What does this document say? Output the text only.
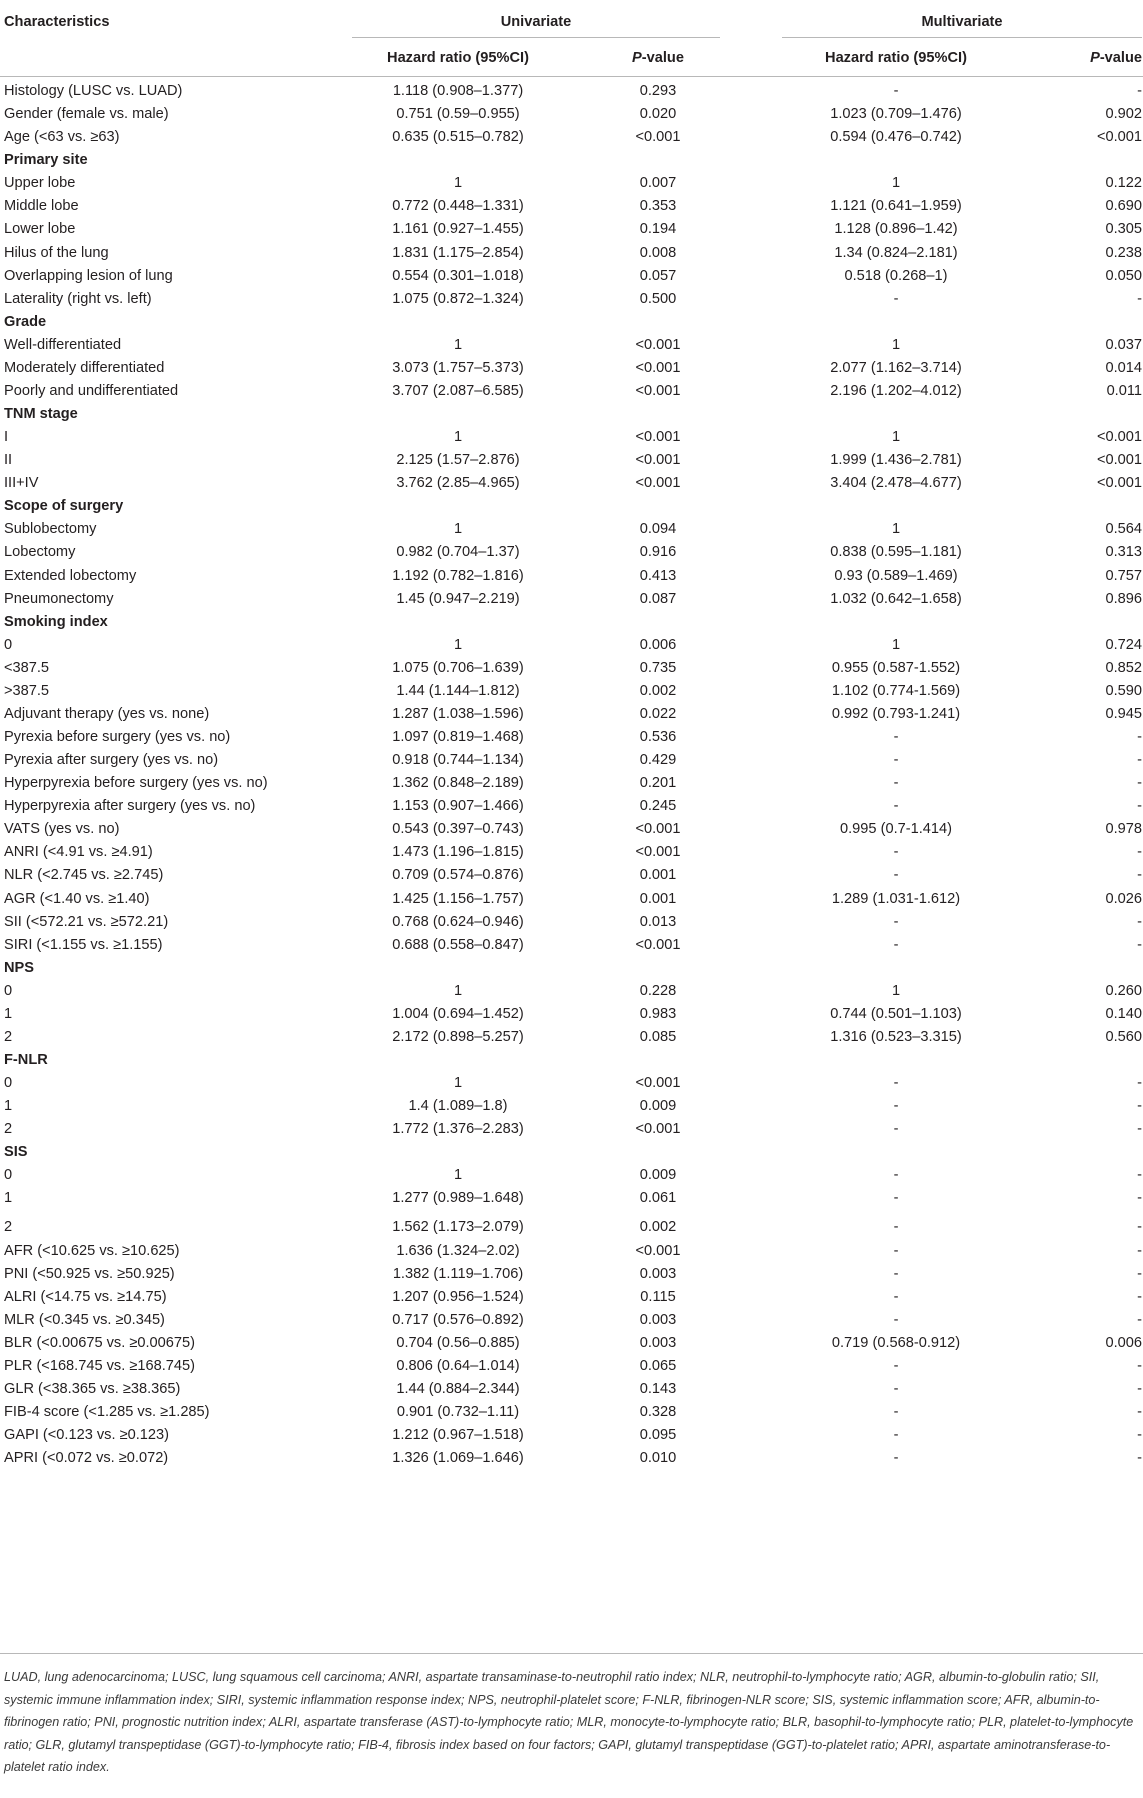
Characteristics	Univariate	Multivariate
Hazard ratio (95%CI)	P-value	Hazard ratio (95%CI)	P-value
Histology (LUSC vs. LUAD)	1.118 (0.908–1.377)	0.293	-	-
Gender (female vs. male)	0.751 (0.59–0.955)	0.020	1.023 (0.709–1.476)	0.902
Age (<63 vs. ≥63)	0.635 (0.515–0.782)	<0.001	0.594 (0.476–0.742)	<0.001
Primary site
Upper lobe	1	0.007	1	0.122
Middle lobe	0.772 (0.448–1.331)	0.353	1.121 (0.641–1.959)	0.690
Lower lobe	1.161 (0.927–1.455)	0.194	1.128 (0.896–1.42)	0.305
Hilus of the lung	1.831 (1.175–2.854)	0.008	1.34 (0.824–2.181)	0.238
Overlapping lesion of lung	0.554 (0.301–1.018)	0.057	0.518 (0.268–1)	0.050
Laterality (right vs. left)	1.075 (0.872–1.324)	0.500	-	-
Grade
Well-differentiated	1	<0.001	1	0.037
Moderately differentiated	3.073 (1.757–5.373)	<0.001	2.077 (1.162–3.714)	0.014
Poorly and undifferentiated	3.707 (2.087–6.585)	<0.001	2.196 (1.202–4.012)	0.011
TNM stage
I	1	<0.001	1	<0.001
II	2.125 (1.57–2.876)	<0.001	1.999 (1.436–2.781)	<0.001
III+IV	3.762 (2.85–4.965)	<0.001	3.404 (2.478–4.677)	<0.001
Scope of surgery
Sublobectomy	1	0.094	1	0.564
Lobectomy	0.982 (0.704–1.37)	0.916	0.838 (0.595–1.181)	0.313
Extended lobectomy	1.192 (0.782–1.816)	0.413	0.93 (0.589–1.469)	0.757
Pneumonectomy	1.45 (0.947–2.219)	0.087	1.032 (0.642–1.658)	0.896
Smoking index
0	1	0.006	1	0.724
<387.5	1.075 (0.706–1.639)	0.735	0.955 (0.587-1.552)	0.852
>387.5	1.44 (1.144–1.812)	0.002	1.102 (0.774-1.569)	0.590
Adjuvant therapy (yes vs. none)	1.287 (1.038–1.596)	0.022	0.992 (0.793-1.241)	0.945
Pyrexia before surgery (yes vs. no)	1.097 (0.819–1.468)	0.536	-	-
Pyrexia after surgery (yes vs. no)	0.918 (0.744–1.134)	0.429	-	-
Hyperpyrexia before surgery (yes vs. no)	1.362 (0.848–2.189)	0.201	-	-
Hyperpyrexia after surgery (yes vs. no)	1.153 (0.907–1.466)	0.245	-	-
VATS (yes vs. no)	0.543 (0.397–0.743)	<0.001	0.995 (0.7-1.414)	0.978
ANRI (<4.91 vs. ≥4.91)	1.473 (1.196–1.815)	<0.001	-	-
NLR (<2.745 vs. ≥2.745)	0.709 (0.574–0.876)	0.001	-	-
AGR (<1.40 vs. ≥1.40)	1.425 (1.156–1.757)	0.001	1.289 (1.031-1.612)	0.026
SII (<572.21 vs. ≥572.21)	0.768 (0.624–0.946)	0.013	-	-
SIRI (<1.155 vs. ≥1.155)	0.688 (0.558–0.847)	<0.001	-	-
NPS
0	1	0.228	1	0.260
1	1.004 (0.694–1.452)	0.983	0.744 (0.501–1.103)	0.140
2	2.172 (0.898–5.257)	0.085	1.316 (0.523–3.315)	0.560
F-NLR
0	1	<0.001	-	-
1	1.4 (1.089–1.8)	0.009	-	-
2	1.772 (1.376–2.283)	<0.001	-	-
SIS
0	1	0.009	-	-
1	1.277 (0.989–1.648)	0.061	-	-
2	1.562 (1.173–2.079)	0.002	-	-
AFR (<10.625 vs. ≥10.625)	1.636 (1.324–2.02)	<0.001	-	-
PNI (<50.925 vs. ≥50.925)	1.382 (1.119–1.706)	0.003	-	-
ALRI (<14.75 vs. ≥14.75)	1.207 (0.956–1.524)	0.115	-	-
MLR (<0.345 vs. ≥0.345)	0.717 (0.576–0.892)	0.003	-	-
BLR (<0.00675 vs. ≥0.00675)	0.704 (0.56–0.885)	0.003	0.719 (0.568-0.912)	0.006
PLR (<168.745 vs. ≥168.745)	0.806 (0.64–1.014)	0.065	-	-
GLR (<38.365 vs. ≥38.365)	1.44 (0.884–2.344)	0.143	-	-
FIB-4 score (<1.285 vs. ≥1.285)	0.901 (0.732–1.11)	0.328	-	-
GAPI (<0.123 vs. ≥0.123)	1.212 (0.967–1.518)	0.095	-	-
APRI (<0.072 vs. ≥0.072)	1.326 (1.069–1.646)	0.010	-	-
LUAD, lung adenocarcinoma; LUSC, lung squamous cell carcinoma; ANRI, aspartate transaminase-to-neutrophil ratio index; NLR, neutrophil-to-lymphocyte ratio; AGR, albumin-to-globulin ratio; SII, systemic immune inflammation index; SIRI, systemic inflammation response index; NPS, neutrophil-platelet score; F-NLR, fibrinogen-NLR score; SIS, systemic inflammation score; AFR, albumin-to-fibrinogen ratio; PNI, prognostic nutrition index; ALRI, aspartate transferase (AST)-to-lymphocyte ratio; MLR, monocyte-to-lymphocyte ratio; BLR, basophil-to-lymphocyte ratio; PLR, platelet-to-lymphocyte ratio; GLR, glutamyl transpeptidase (GGT)-to-lymphocyte ratio; FIB-4, fibrosis index based on four factors; GAPI, glutamyl transpeptidase (GGT)-to-platelet ratio; APRI, aspartate aminotransferase-to-platelet ratio index.
